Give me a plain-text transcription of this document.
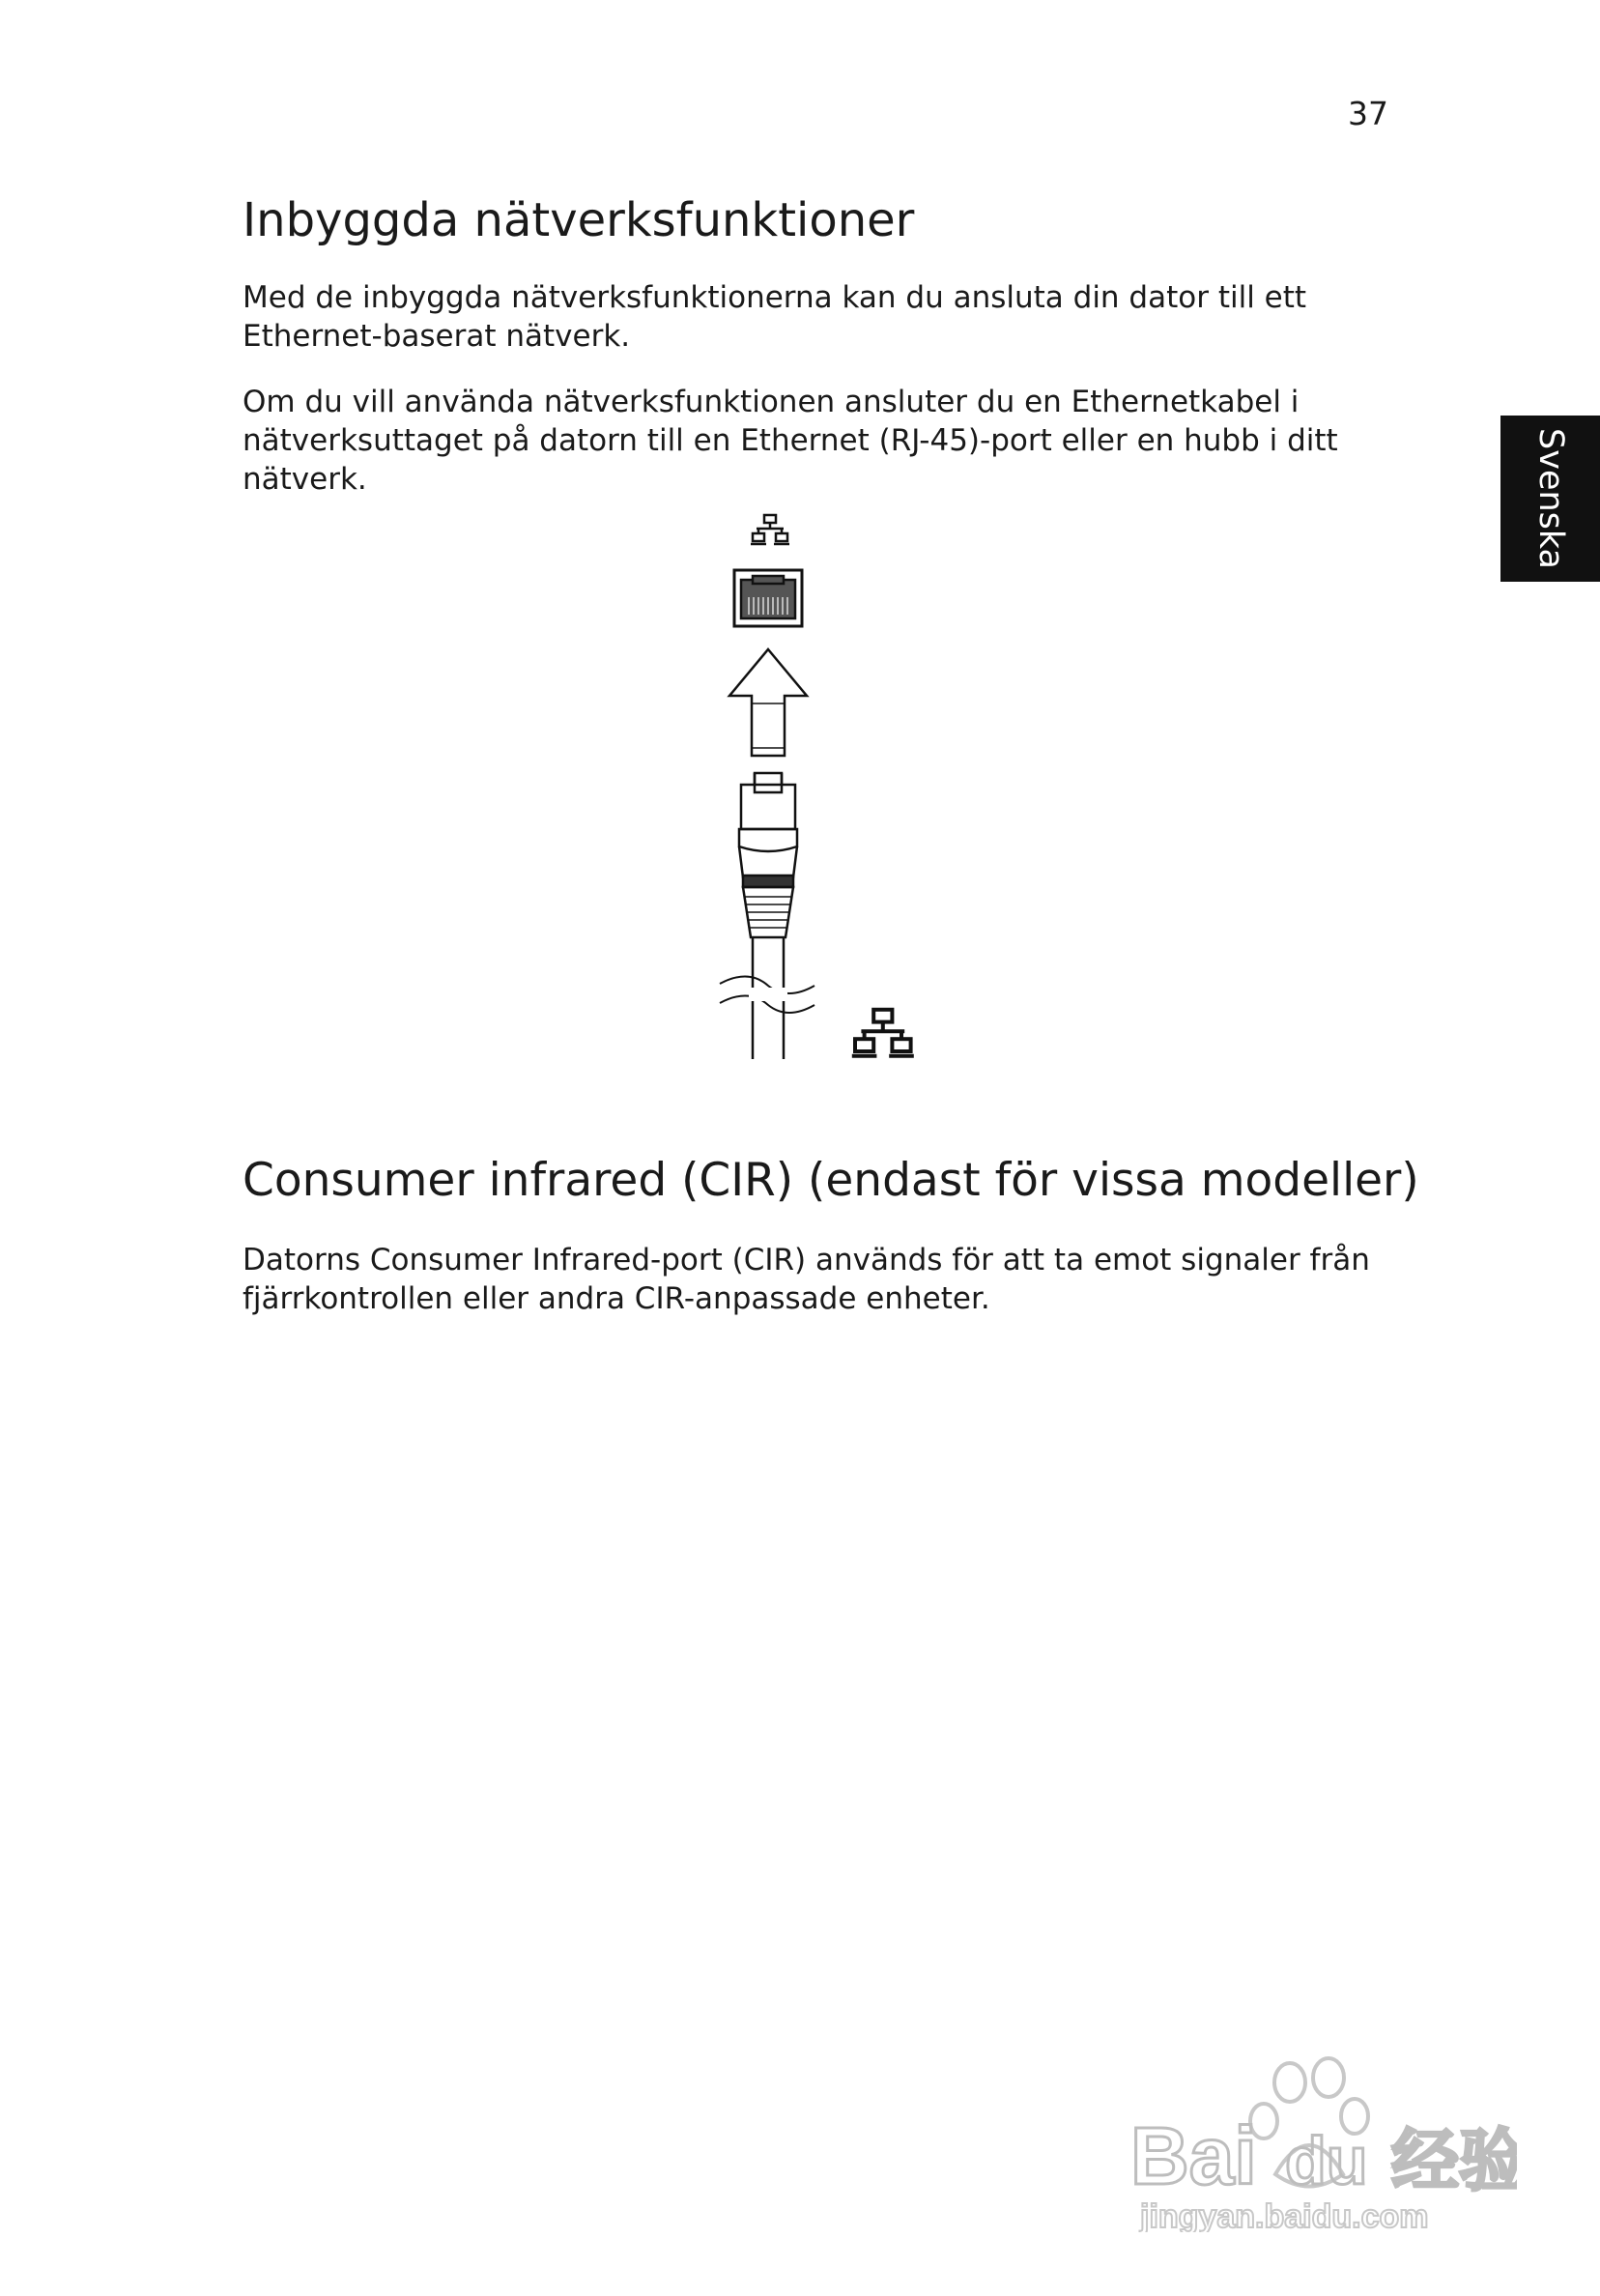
37
Svenska
Inbyggda nätverksfunktioner

Med de inbyggda nätverksfunktionerna kan du ansluta din dator till ett Ethernet-baserat nätverk.

Om du vill använda nätverksfunktionen ansluter du en Ethernetkabel i nätverksuttaget på datorn till en Ethernet (RJ-45)-port eller en hubb i ditt nätverk.

Consumer infrared (CIR) (endast för vissa modeller)

Datorns Consumer Infrared-port (CIR) används för att ta emot signaler från fjärrkontrollen eller andra CIR-anpassade enheter.

Bai du 经验
jingyan.baidu.com
